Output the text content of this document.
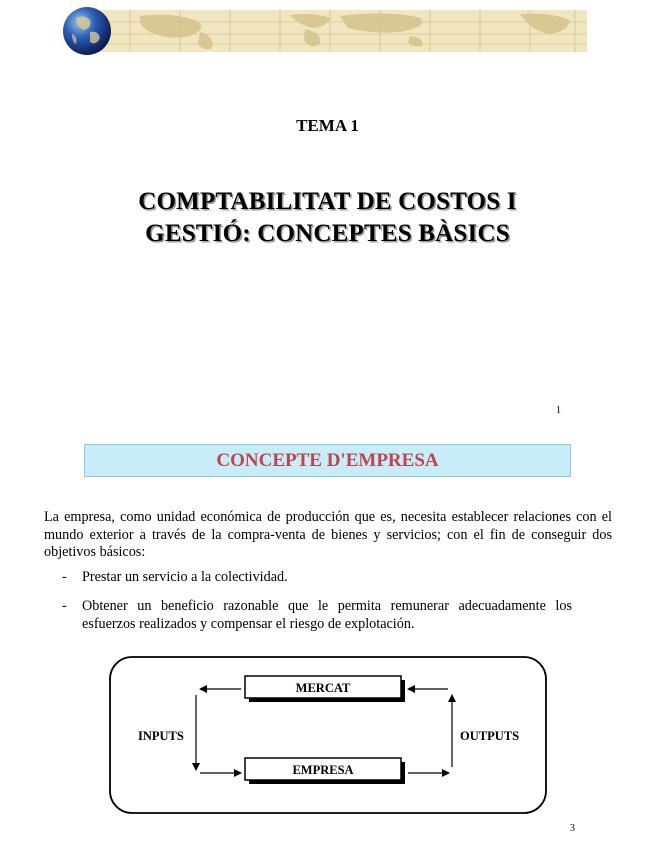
TEMA 1
COMPTABILITAT DE COSTOS I
GESTIÓ: CONCEPTES BÀSICS
1
CONCEPTE D'EMPRESA
La empresa, como unidad económica de producción que es, necesita establecer relaciones con el mundo exterior a través de la compra-venta de bienes y servicios; con el fin de conseguir dos objetivos básicos:
- Prestar un servicio a la colectividad.
- Obtener un beneficio razonable que le permita remunerar adecuadamente los esfuerzos realizados y compensar el riesgo de explotación.
MERCAT
EMPRESA
INPUTS	OUTPUTS
3
